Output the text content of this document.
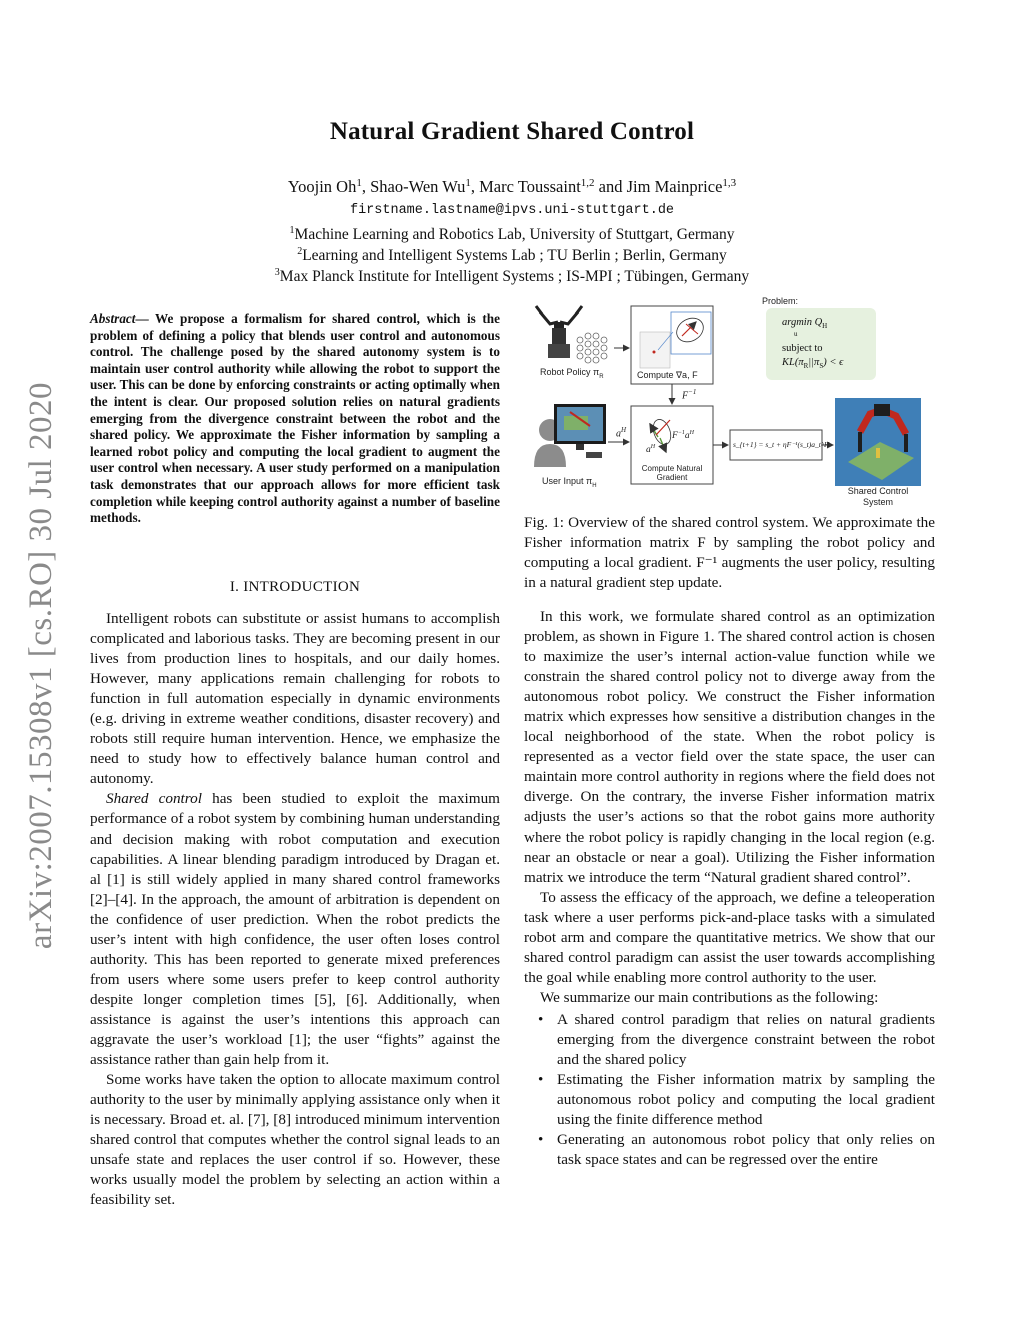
arXiv:2007.15308v1 [cs.RO] 30 Jul 2020
Natural Gradient Shared Control
Yoojin Oh$^1$, Shao-Wen Wu$^1$, Marc Toussaint$^{1,2}$ and Jim Mainprice$^{1,3}$
firstname.lastname@ipvs.uni-stuttgart.de
$^1$Machine Learning and Robotics Lab, University of Stuttgart, Germany
$^2$Learning and Intelligent Systems Lab ; TU Berlin ; Berlin, Germany
$^3$Max Planck Institute for Intelligent Systems ; IS-MPI ; Tübingen, Germany
Abstract— We propose a formalism for shared control, which is the problem of defining a policy that blends user control and autonomous control. The challenge posed by the shared autonomy system is to maintain user control authority while allowing the robot to support the user. This can be done by enforcing constraints or acting optimally when the intent is clear. Our proposed solution relies on natural gradients emerging from the divergence constraint between the robot and the shared policy. We approximate the Fisher information by sampling a learned robot policy and computing the local gradient to augment the user control when necessary. A user study performed on a manipulation task demonstrates that our approach allows for more efficient task completion while keeping control authority against a number of baseline methods.
I. INTRODUCTION

Intelligent robots can substitute or assist humans to accomplish complicated and laborious tasks. They are becoming present in our lives from production lines to hospitals, and our daily homes. However, many applications remain challenging for robots to function in full automation especially in dynamic environments (e.g. driving in extreme weather conditions, disaster recovery) and robots still require human intervention. Hence, we emphasize the need to study how to effectively balance human control and autonomy.

Shared control has been studied to exploit the maximum performance of a robot system by combining human understanding and decision making with robot computation and execution capabilities. A linear blending paradigm introduced by Dragan et. al [1] is still widely applied in many shared control frameworks [2]–[4]. In the approach, the amount of arbitration is dependent on the confidence of user prediction. When the robot predicts the user’s intent with high confidence, the user often loses control authority. This has been reported to generate mixed preferences from users where some users prefer to keep control authority despite longer completion times [5], [6]. Additionally, when assistance is against the user’s intentions this approach can aggravate the user’s workload [1]; the user “fights” against the assistance rather than gain help from it.

Some works have taken the option to allocate maximum control authority to the user by minimally applying assistance only when it is necessary. Broad et. al. [7], [8] introduced minimum intervention shared control that computes whether the control signal leads to an unsafe state and replaces the user control if so. However, these works usually model the problem by selecting an action within a feasibility set.

Problem:
argmin $Q_H$
u
subject to
$KL(\pi_R||\pi_S) < \epsilon$
Robot Policy $\pi_R$	Compute ∇a, F
$F^{-1}$
$a^H$
$F^{-1}a^H$
$a^H$
Compute Natural
Gradient
User Input $\pi_H$
s_{t+1} = s_t + ηF⁻¹(s_t)a_t^H
Shared Control
System
Fig. 1: Overview of the shared control system. We approximate the Fisher information matrix F by sampling the robot policy and computing a local gradient. F⁻¹ augments the user policy, resulting in a natural gradient step update.

In this work, we formulate shared control as an optimization problem, as shown in Figure 1. The shared control action is chosen to maximize the user’s internal action-value function while we constrain the shared control policy not to diverge away from the autonomous robot policy. We construct the Fisher information matrix which expresses how sensitive a distribution changes in the local neighborhood of the state. When the robot policy is represented as a vector field over the state space, the user can maintain more control authority in regions where the field does not diverge. On the contrary, the inverse Fisher information matrix adjusts the user’s actions so that the robot gains more authority where the robot policy is rapidly changing in the local region (e.g. near an obstacle or near a goal). Utilizing the Fisher information matrix we introduce the term “Natural gradient shared control”.

To assess the efficacy of the approach, we define a teleoperation task where a user performs pick-and-place tasks with a simulated robot arm and compare the quantitative metrics. We show that our shared control paradigm can assist the user towards accomplishing the goal while enabling more control authority to the user.

We summarize our main contributions as the following:

• A shared control paradigm that relies on natural gradients emerging from the divergence constraint between the robot and the shared policy
• Estimating the Fisher information matrix by sampling the autonomous robot policy and computing the local gradient using the finite difference method
• Generating an autonomous robot policy that only relies on task space states and can be regressed over the entire
